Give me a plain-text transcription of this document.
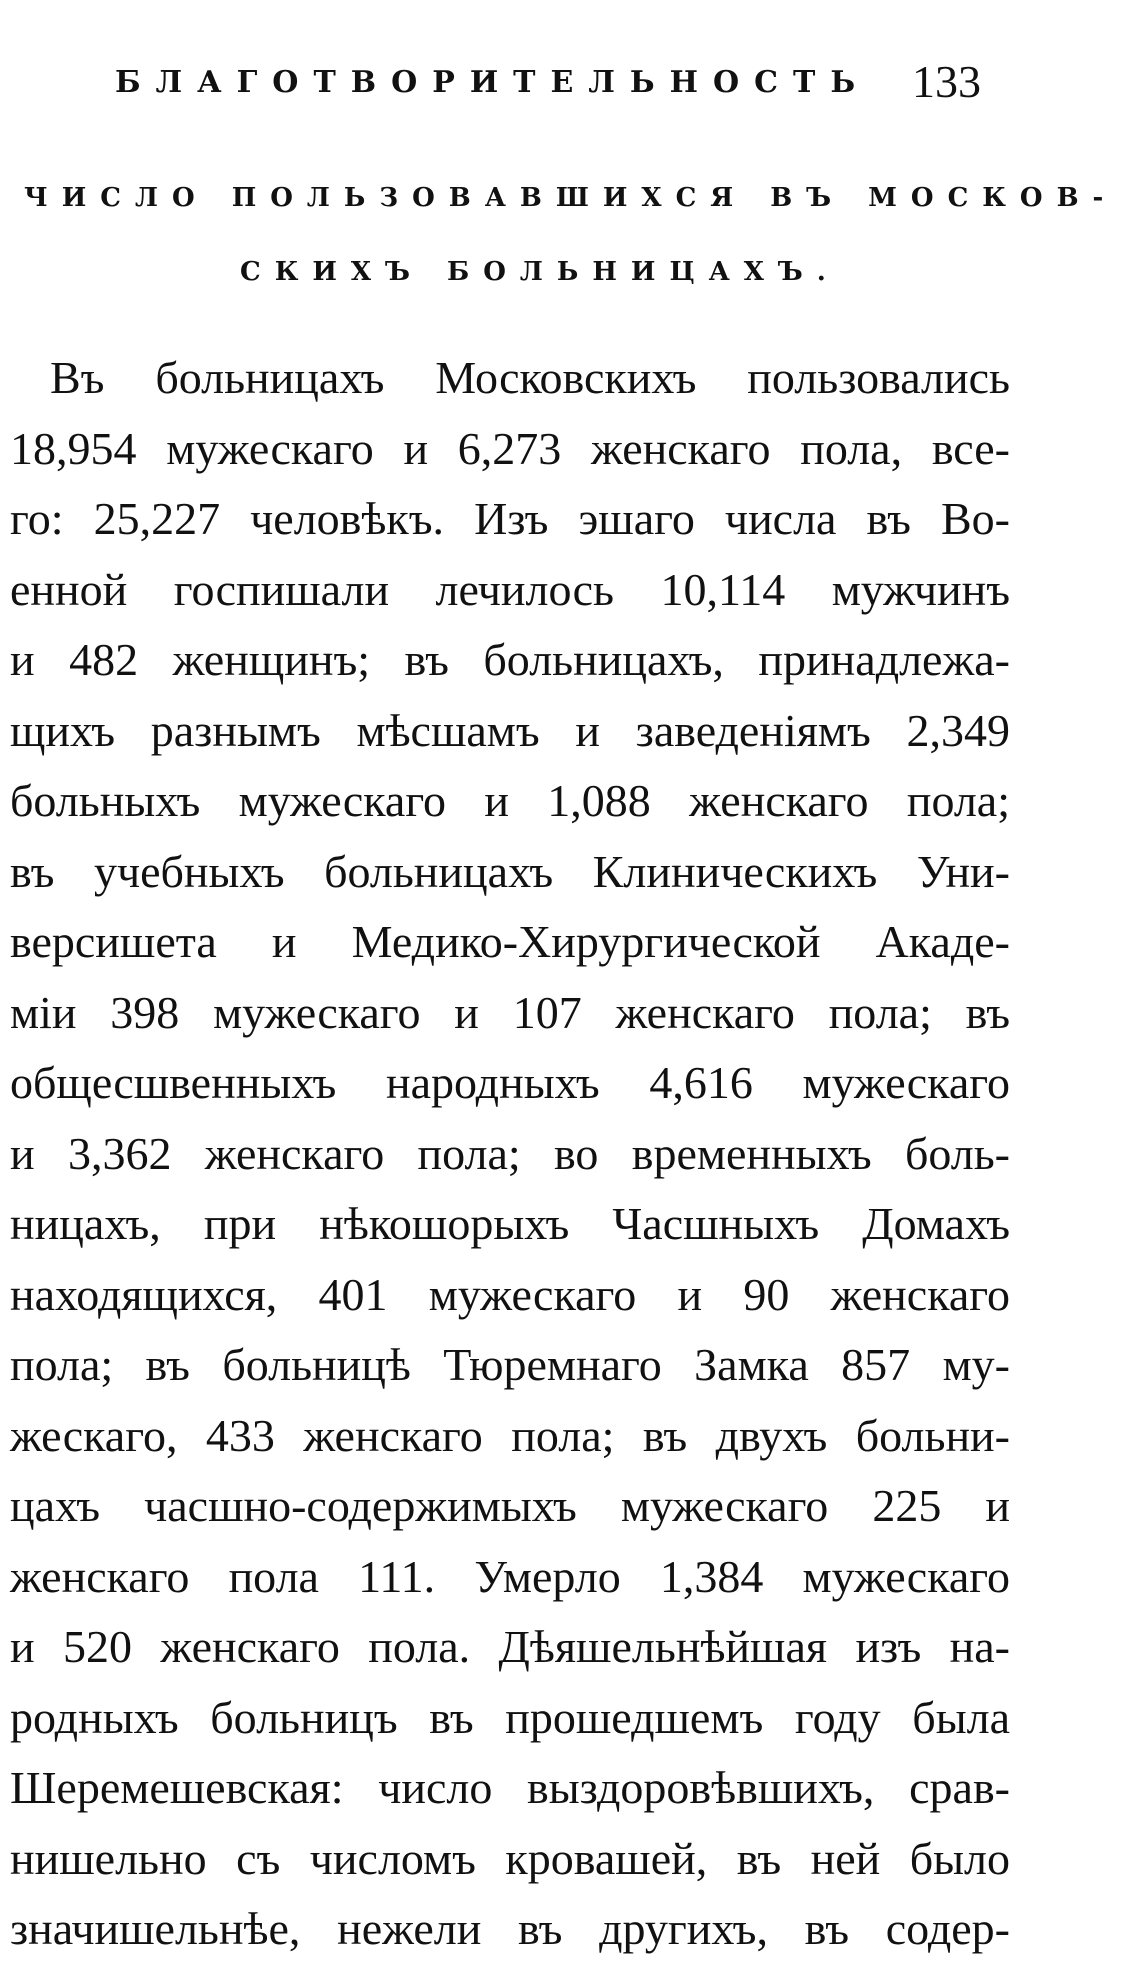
БЛАГОТВОРИТЕЛЬНОСТЬ 133
ЧИСЛО ПОЛЬЗОВАВШИХСЯ ВЪ МОСКОВ-
СКИХЪ БОЛЬНИЦАХЪ.
Въ больницахъ Московскихъ пользовались
18,954 мужескаго и 6,273 женскаго пола, все-
го: 25,227 человѣкъ. Изъ эшаго числа въ Во-
енной госпишали лечилось 10,114 мужчинъ
и 482 женщинъ; въ больницахъ, принадлежа-
щихъ разнымъ мѣсшамъ и заведеніямъ 2,349
больныхъ мужескаго и 1,088 женскаго пола;
въ учебныхъ больницахъ Клиническихъ Уни-
версишета и Медико-Хирургической Акаде-
міи 398 мужескаго и 107 женскаго пола; въ
общесшвенныхъ народныхъ 4,616 мужескаго
и 3,362 женскаго пола; во временныхъ боль-
ницахъ, при нѣкошорыхъ Часшныхъ Домахъ
находящихся, 401 мужескаго и 90 женскаго
пола; въ больницѣ Тюремнаго Замка 857 му-
жескаго, 433 женскаго пола; въ двухъ больни-
цахъ часшно-содержимыхъ мужескаго 225 и
женскаго пола 111. Умерло 1,384 мужескаго
и 520 женскаго пола. Дѣяшельнѣйшая изъ на-
родныхъ больницъ въ прошедшемъ году была
Шеремешевская: число выздоровѣвшихъ, срав-
нишельно съ числомъ кровашей, въ ней было
значишельнѣе, нежели въ другихъ, въ содер-
